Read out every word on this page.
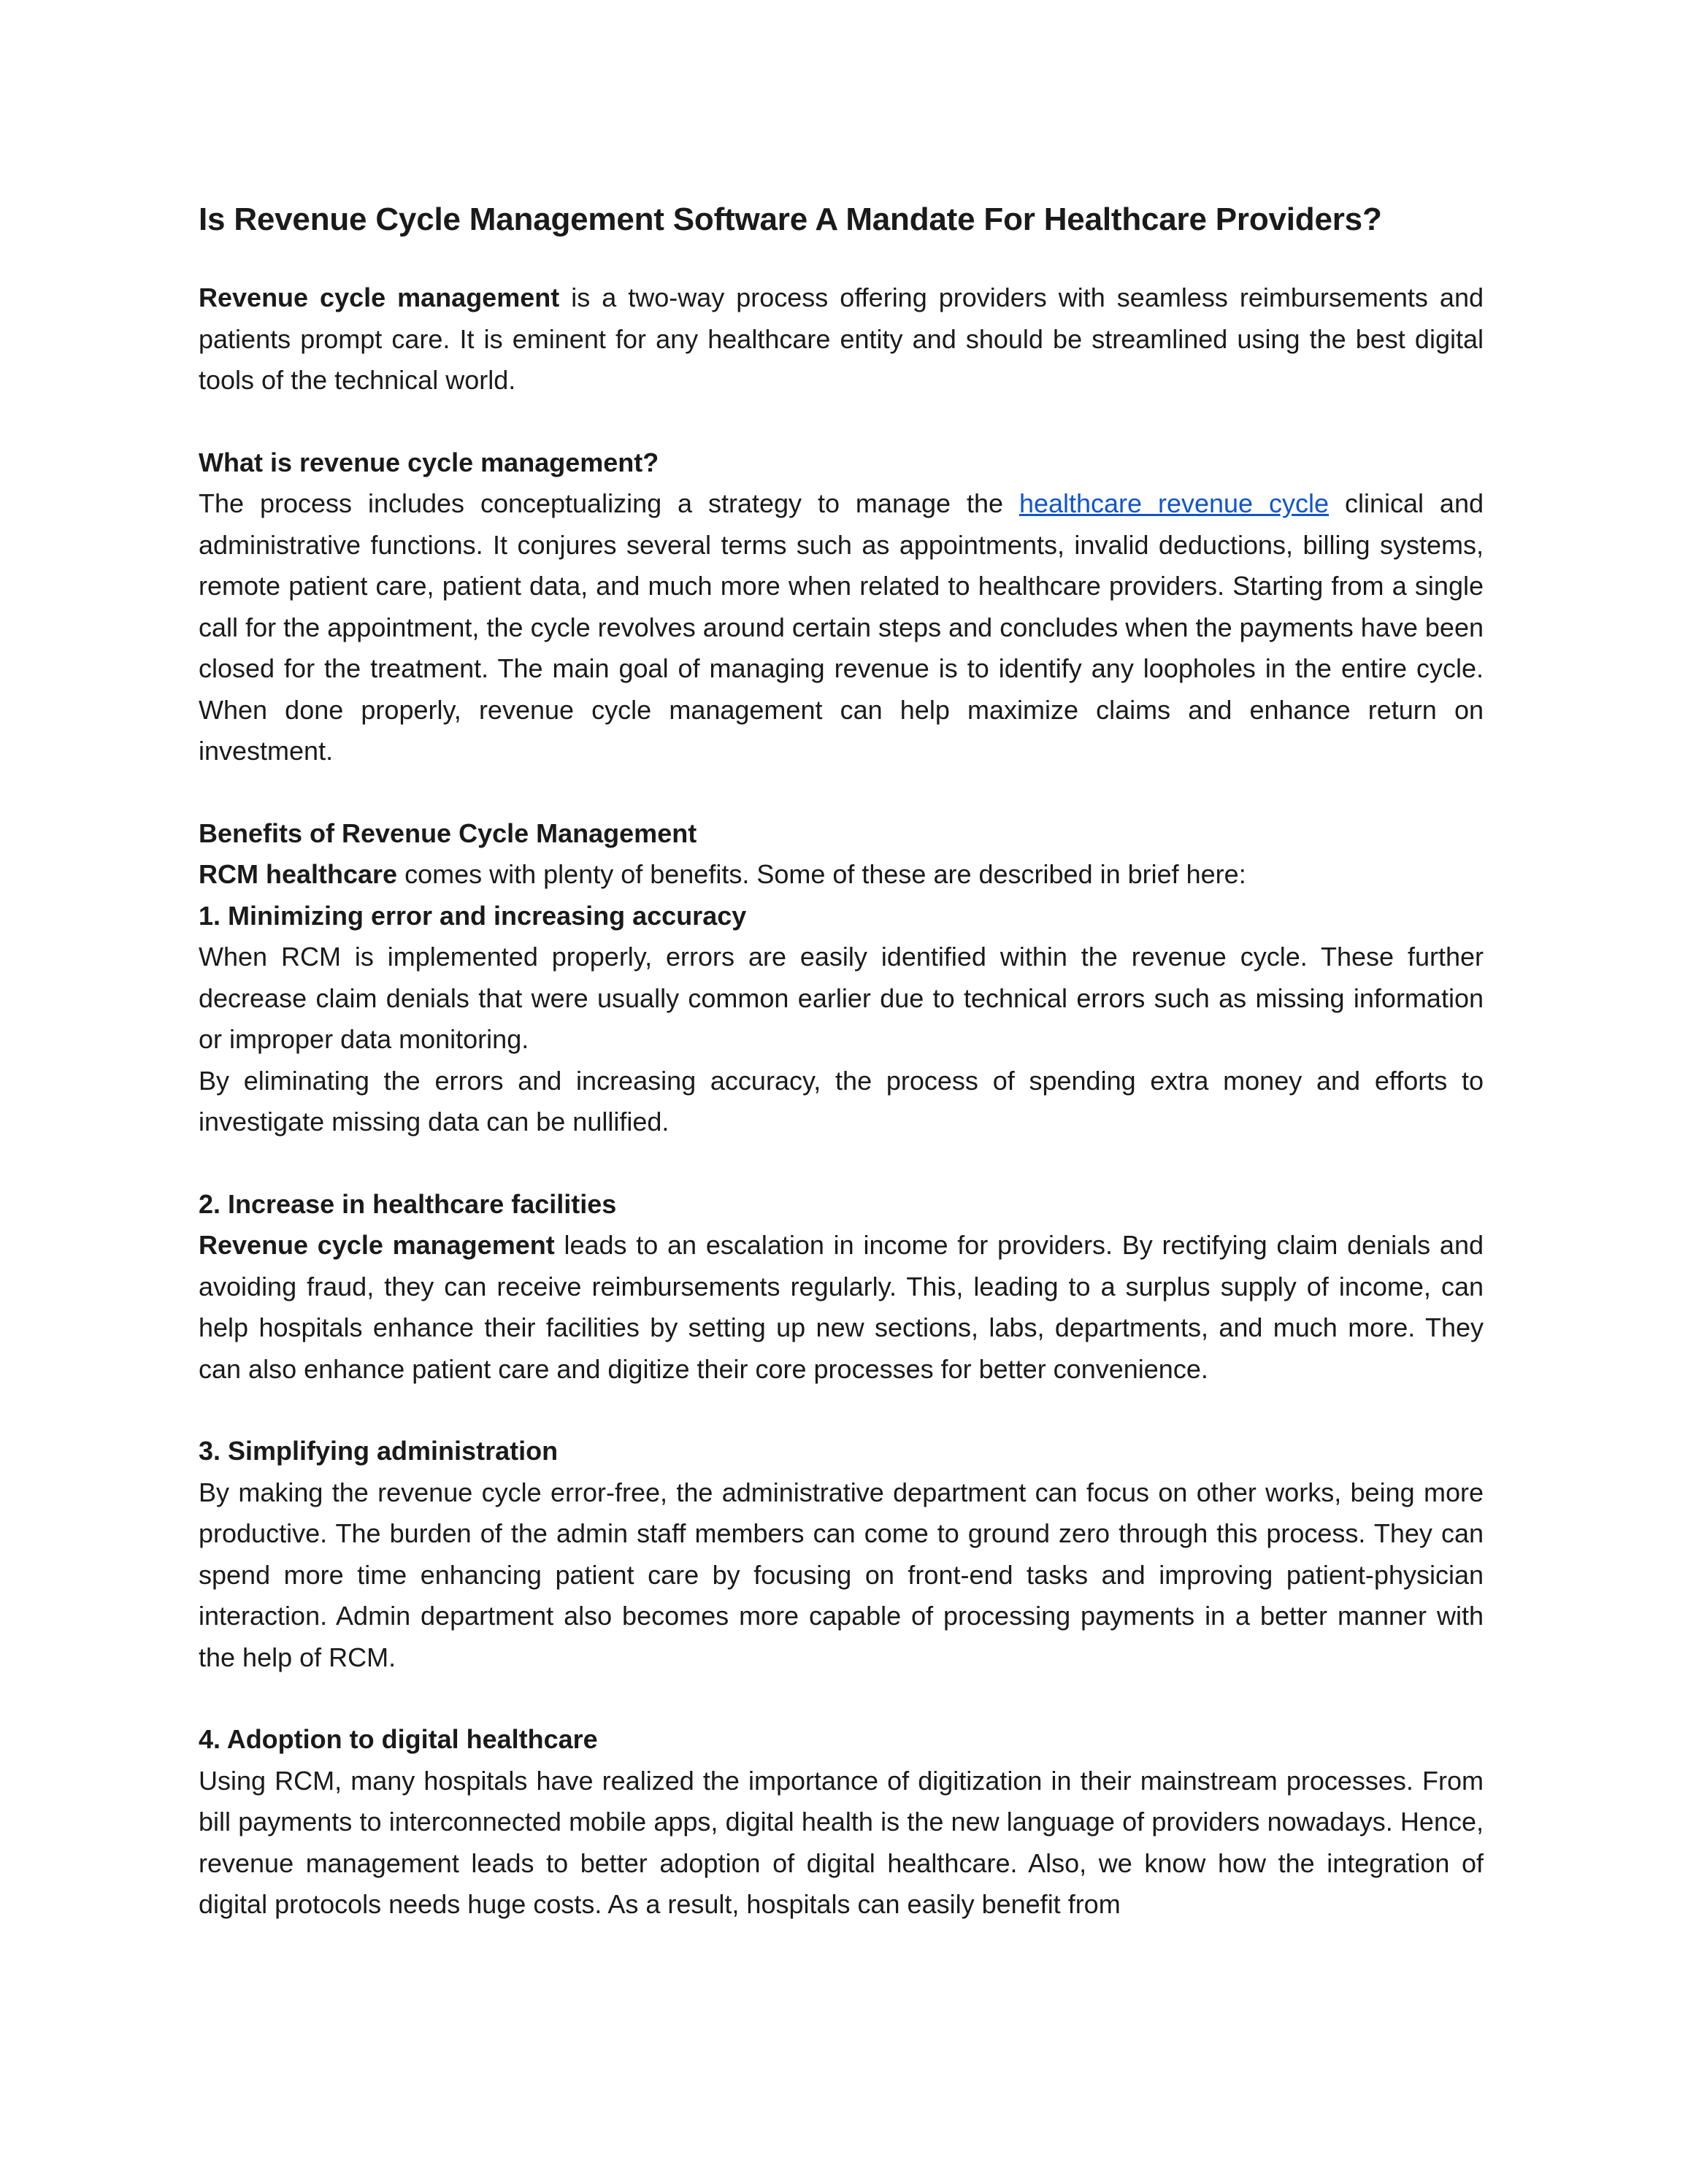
Is Revenue Cycle Management Software A Mandate For Healthcare Providers?

Revenue cycle management is a two-way process offering providers with seamless reimbursements and patients prompt care. It is eminent for any healthcare entity and should be streamlined using the best digital tools of the technical world.

What is revenue cycle management?

The process includes conceptualizing a strategy to manage the healthcare revenue cycle clinical and administrative functions. It conjures several terms such as appointments, invalid deductions, billing systems, remote patient care, patient data, and much more when related to healthcare providers. Starting from a single call for the appointment, the cycle revolves around certain steps and concludes when the payments have been closed for the treatment. The main goal of managing revenue is to identify any loopholes in the entire cycle. When done properly, revenue cycle management can help maximize claims and enhance return on investment.

Benefits of Revenue Cycle Management

RCM healthcare comes with plenty of benefits. Some of these are described in brief here:

1. Minimizing error and increasing accuracy

When RCM is implemented properly, errors are easily identified within the revenue cycle. These further decrease claim denials that were usually common earlier due to technical errors such as missing information or improper data monitoring.

By eliminating the errors and increasing accuracy, the process of spending extra money and efforts to investigate missing data can be nullified.

2. Increase in healthcare facilities

Revenue cycle management leads to an escalation in income for providers. By rectifying claim denials and avoiding fraud, they can receive reimbursements regularly. This, leading to a surplus supply of income, can help hospitals enhance their facilities by setting up new sections, labs, departments, and much more. They can also enhance patient care and digitize their core processes for better convenience.

3. Simplifying administration

By making the revenue cycle error-free, the administrative department can focus on other works, being more productive. The burden of the admin staff members can come to ground zero through this process. They can spend more time enhancing patient care by focusing on front-end tasks and improving patient-physician interaction. Admin department also becomes more capable of processing payments in a better manner with the help of RCM.

4. Adoption to digital healthcare

Using RCM, many hospitals have realized the importance of digitization in their mainstream processes. From bill payments to interconnected mobile apps, digital health is the new language of providers nowadays. Hence, revenue management leads to better adoption of digital healthcare. Also, we know how the integration of digital protocols needs huge costs. As a result, hospitals can easily benefit from
